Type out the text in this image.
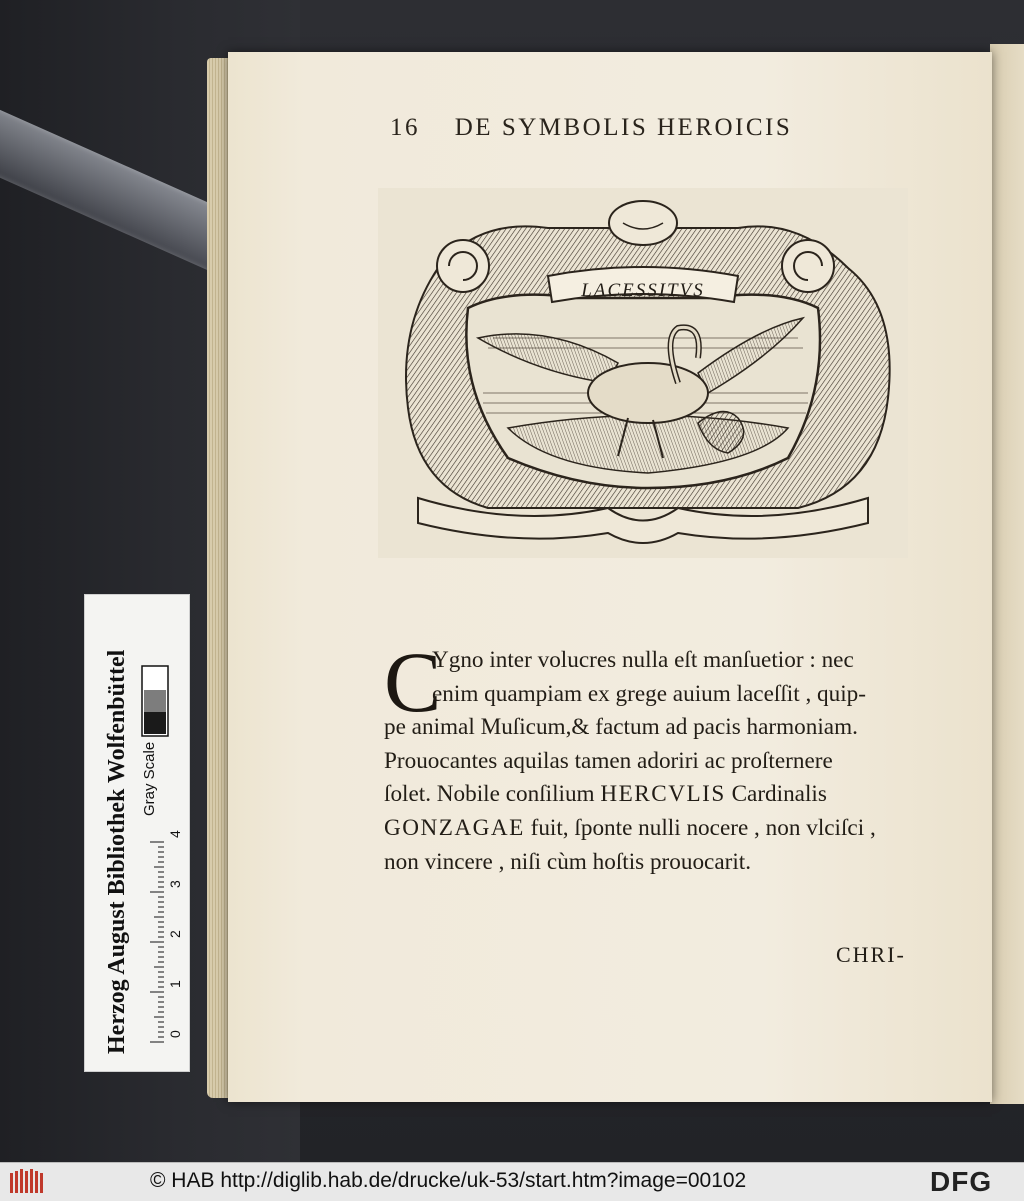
16 DE SYMBOLIS HEROICIS
LACESSITVS
C
Ygno inter volucres nulla eſt manſuetior : nec
enim quampiam ex grege auium laceſſit , quip-
pe animal Muſicum,& factum ad pacis harmoniam.
Prouocantes aquilas tamen adoriri ac proſternere
ſolet. Nobile conſilium HERCVLIS Cardinalis
GONZAGAE fuit, ſponte nulli nocere , non vlciſci ,
non vincere , niſi cùm hoſtis prouocarit.
CHRI-
Herzog August Bibliothek Wolfenbüttel Gray Scale
0
1
2
3
4
© HAB http://diglib.hab.de/drucke/uk-53/start.htm?image=00102	DFG
